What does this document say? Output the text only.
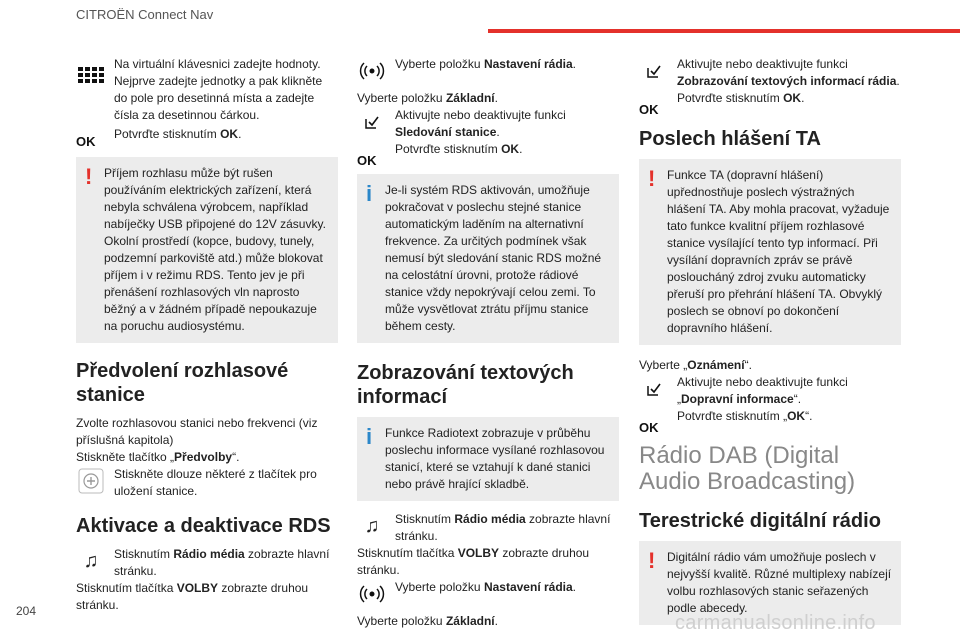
CITROËN Connect Nav

Na virtuální klávesnici zadejte hodnoty. Nejprve zadejte jednotky a pak klikněte do pole pro desetinná místa a zadejte čísla za desetinnou čárkou.

OK	Potvrďte stisknutím OK.

! Příjem rozhlasu může být rušen používáním elektrických zařízení, která nebyla schválena výrobcem, například nabíječky USB připojené do 12V zásuvky. Okolní prostředí (kopce, budovy, tunely, podzemní parkoviště atd.) může blokovat příjem i v režimu RDS. Tento jev je při přenášení rozhlasových vln naprosto běžný a v žádném případě nepoukazuje na poruchu audiosystému.

Předvolení rozhlasové stanice

Zvolte rozhlasovou stanici nebo frekvenci (viz příslušná kapitola)

Stiskněte tlačítko „Předvolby“.

Stiskněte dlouze některé z tlačítek pro uložení stanice.

Aktivace a deaktivace RDS
♫	Stisknutím Rádio média zobrazte hlavní stránku.

Stisknutím tlačítka VOLBY zobrazte druhou stránku.

Vyberte položku Nastavení rádia.

Vyberte položku Základní.

Aktivujte nebo deaktivujte funkci Sledování stanice.

OK

Potvrďte stisknutím OK.

i Je-li systém RDS aktivován, umožňuje pokračovat v poslechu stejné stanice automatickým laděním na alternativní frekvence. Za určitých podmínek však nemusí být sledování stanic RDS možné na celostátní úrovni, protože rádiové stanice vždy nepokrývají celou zemi. To může vysvětlovat ztrátu příjmu stanice během cesty.

Zobrazování textových informací
i Funkce Radiotext zobrazuje v průběhu poslechu informace vysílané rozhlasovou stanicí, které se vztahují k dané stanici nebo právě hrající skladbě.

♫	Stisknutím Rádio média zobrazte hlavní stránku.

Stisknutím tlačítka VOLBY zobrazte druhou stránku.

Vyberte položku Nastavení rádia.

Vyberte položku Základní.

Aktivujte nebo deaktivujte funkci Zobrazování textových informací rádia.

OK

Potvrďte stisknutím OK.

Poslech hlášení TA
! Funkce TA (dopravní hlášení) upřednostňuje poslech výstražných hlášení TA. Aby mohla pracovat, vyžaduje tato funkce kvalitní příjem rozhlasové stanice vysílající tento typ informací. Při vysílání dopravních zpráv se právě posloucháný zdroj zvuku automaticky přeruší pro přehrání hlášení TA. Obvyklý poslech se obnoví po dokončení dopravního hlášení.

Vyberte „Oznámení“.

Aktivujte nebo deaktivujte funkci „Dopravní informace“.

OK

Potvrďte stisknutím „OK“.

Rádio DAB (Digital Audio Broadcasting)
Terestrické digitální rádio
! Digitální rádio vám umožňuje poslech v nejvyšší kvalitě. Různé multiplexy nabízejí volbu rozhlasových stanic seřazených podle abecedy.

204
carmanualsonline.info
